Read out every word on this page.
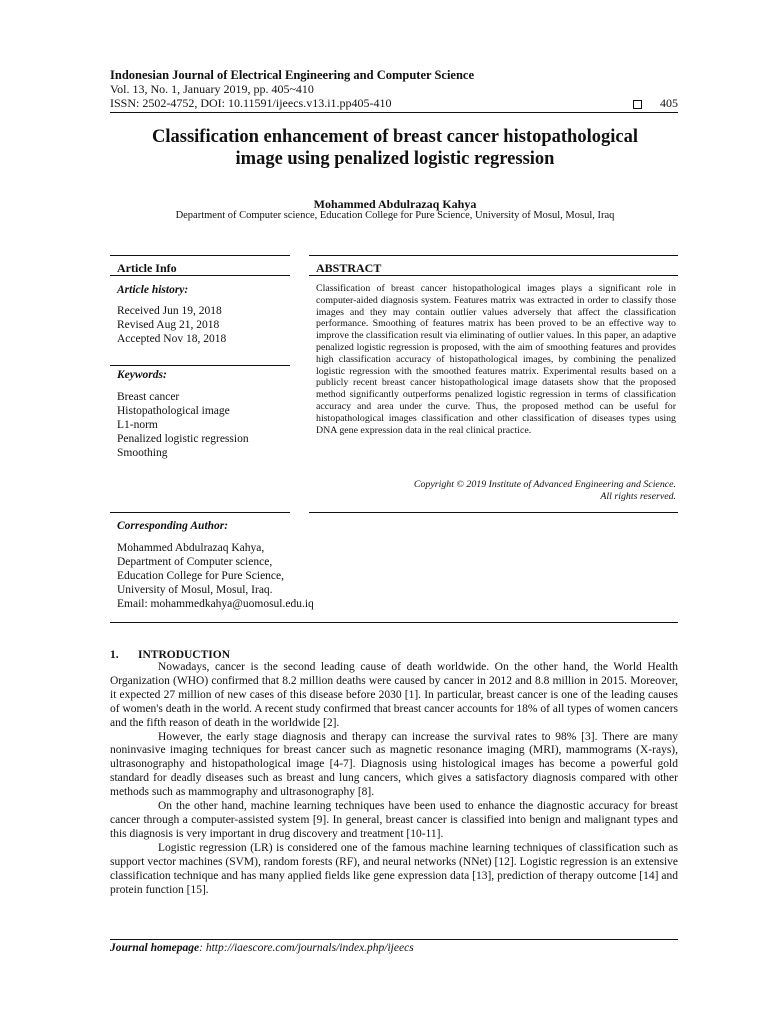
Indonesian Journal of Electrical Engineering and Computer Science
Vol. 13, No. 1, January 2019, pp. 405~410
ISSN: 2502-4752, DOI: 10.11591/ijeecs.v13.i1.pp405-410	405
Classification enhancement of breast cancer histopathological
image using penalized logistic regression
Mohammed Abdulrazaq Kahya
Department of Computer science, Education College for Pure Science, University of Mosul, Mosul, Iraq
Article Info	ABSTRACT
Article history:
Received Jun 19, 2018
Revised Aug 21, 2018
Accepted Nov 18, 2018
Keywords:
Breast cancer
Histopathological image
L1-norm
Penalized logistic regression
Smoothing
Classification of breast cancer histopathological images plays a significant role in computer-aided diagnosis system. Features matrix was extracted in order to classify those images and they may contain outlier values adversely that affect the classification performance. Smoothing of features matrix has been proved to be an effective way to improve the classification result via eliminating of outlier values. In this paper, an adaptive penalized logistic regression is proposed, with the aim of smoothing features and provides high classification accuracy of histopathological images, by combining the penalized logistic regression with the smoothed features matrix. Experimental results based on a publicly recent breast cancer histopathological image datasets show that the proposed method significantly outperforms penalized logistic regression in terms of classification accuracy and area under the curve. Thus, the proposed method can be useful for histopathological images classification and other classification of diseases types using DNA gene expression data in the real clinical practice.
Copyright © 2019 Institute of Advanced Engineering and Science.
All rights reserved.
Corresponding Author:
Mohammed Abdulrazaq Kahya,
Department of Computer science,
Education College for Pure Science,
University of Mosul, Mosul, Iraq.
Email: mohammedkahya@uomosul.edu.iq
1. INTRODUCTION

Nowadays, cancer is the second leading cause of death worldwide. On the other hand, the World Health Organization (WHO) confirmed that 8.2 million deaths were caused by cancer in 2012 and 8.8 million in 2015. Moreover, it expected 27 million of new cases of this disease before 2030 [1]. In particular, breast cancer is one of the leading causes of women's death in the world. A recent study confirmed that breast cancer accounts for 18% of all types of women cancers and the fifth reason of death in the worldwide [2].

However, the early stage diagnosis and therapy can increase the survival rates to 98% [3]. There are many noninvasive imaging techniques for breast cancer such as magnetic resonance imaging (MRI), mammograms (X-rays), ultrasonography and histopathological image [4-7]. Diagnosis using histological images has become a powerful gold standard for deadly diseases such as breast and lung cancers, which gives a satisfactory diagnosis compared with other methods such as mammography and ultrasonography [8].

On the other hand, machine learning techniques have been used to enhance the diagnostic accuracy for breast cancer through a computer-assisted system [9]. In general, breast cancer is classified into benign and malignant types and this diagnosis is very important in drug discovery and treatment [10-11].

Logistic regression (LR) is considered one of the famous machine learning techniques of classification such as support vector machines (SVM), random forests (RF), and neural networks (NNet) [12]. Logistic regression is an extensive classification technique and has many applied fields like gene expression data [13], prediction of therapy outcome [14] and protein function [15].

Journal homepage: http://iaescore.com/journals/index.php/ijeecs
